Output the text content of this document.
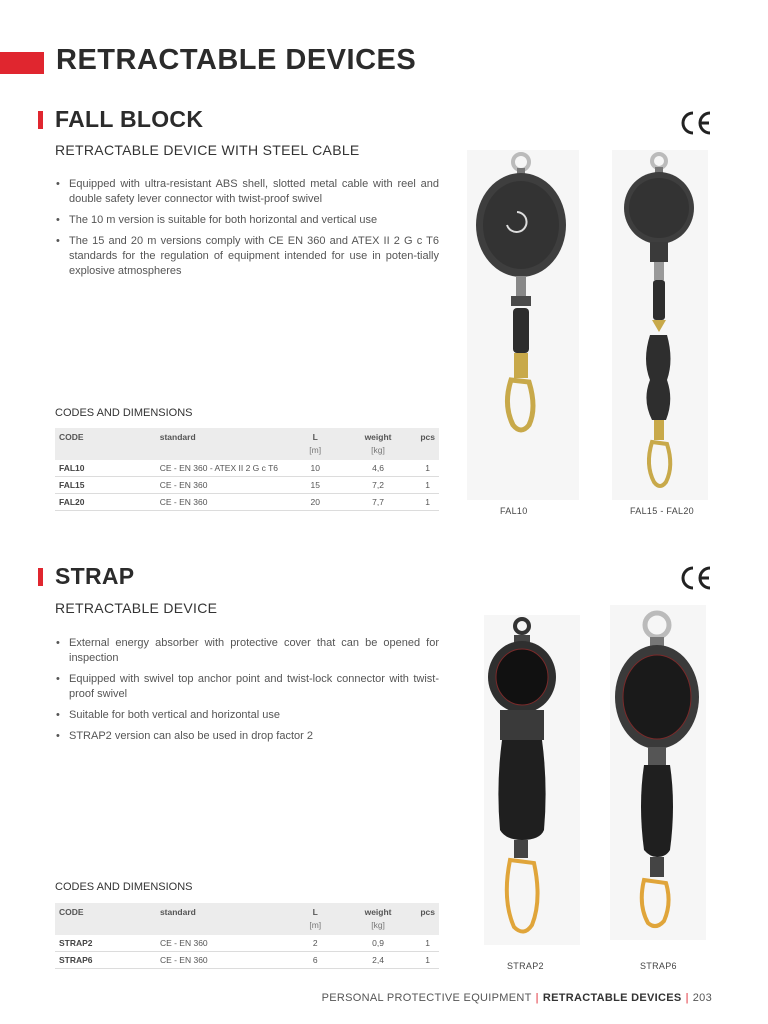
RETRACTABLE DEVICES
FALL BLOCK

RETRACTABLE DEVICE WITH STEEL CABLE

• Equipped with ultra-resistant ABS shell, slotted metal cable with reel and double safety lever connector with twist-proof swivel
• The 10 m version is suitable for both horizontal and vertical use
• The 15 and 20 m versions comply with CE EN 360 and ATEX II 2 G c T6 standards for the regulation of equipment intended for use in poten-tially explosive atmospheres

CODES AND DIMENSIONS

CODE	standard	L	weight	pcs
		[m]	[kg]	
FAL10	CE - EN 360 - ATEX II 2 G c T6	10	4,6	1
FAL15	CE - EN 360	15	7,2	1
FAL20	CE - EN 360	20	7,7	1
FAL10	FAL15 - FAL20
STRAP

RETRACTABLE DEVICE

• External energy absorber with protective cover that can be opened for inspection
• Equipped with swivel top anchor point and twist-lock connector with twist-proof swivel
• Suitable for both vertical and horizontal use
• STRAP2 version can also be used in drop factor 2

CODES AND DIMENSIONS

CODE	standard	L	weight	pcs
		[m]	[kg]	
STRAP2	CE - EN 360	2	0,9	1
STRAP6	CE - EN 360	6	2,4	1
STRAP2	STRAP6
PERSONAL PROTECTIVE EQUIPMENT | RETRACTABLE DEVICES | 203
